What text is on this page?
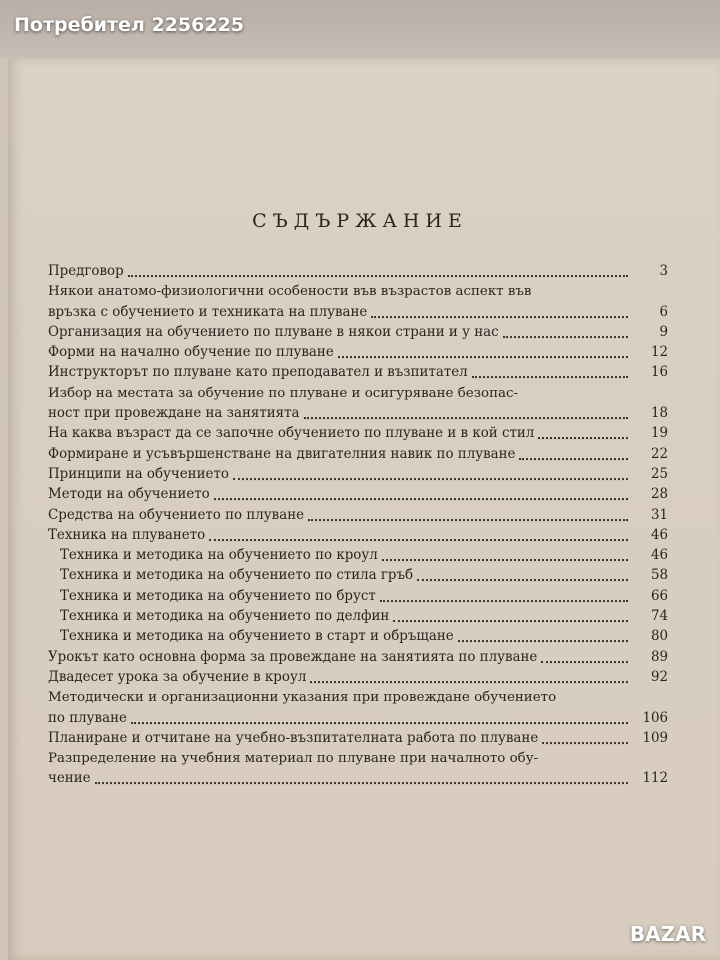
Потребител 2256225
СЪДЪРЖАНИЕ
Предговор	3
Някои анатомо-физиологични особености във възрастов аспект във
връзка с обучението и техниката на плуване	6
Организация на обучението по плуване в някои страни и у нас	9
Форми на начално обучение по плуване	12
Инструкторът по плуване като преподавател и възпитател	16
Избор на местата за обучение по плуване и осигуряване безопас-
ност при провеждане на занятията	18
На каква възраст да се започне обучението по плуване и в кой стил	19
Формиране и усъвършенстване на двигателния навик по плуване	22
Принципи на обучението	25
Методи на обучението	28
Средства на обучението по плуване	31
Техника на плуването	46
Техника и методика на обучението по кроул	46
Техника и методика на обучението по стила гръб	58
Техника и методика на обучението по бруст	66
Техника и методика на обучението по делфин	74
Техника и методика на обучението в старт и обръщане	80
Урокът като основна форма за провеждане на занятията по плуване	89
Двадесет урока за обучение в кроул	92
Методически и организационни указания при провеждане обучението
по плуване	106
Планиране и отчитане на учебно-възпитателната работа по плуване	109
Разпределение на учебния материал по плуване при началното обу-
чение	112
BAZAR
